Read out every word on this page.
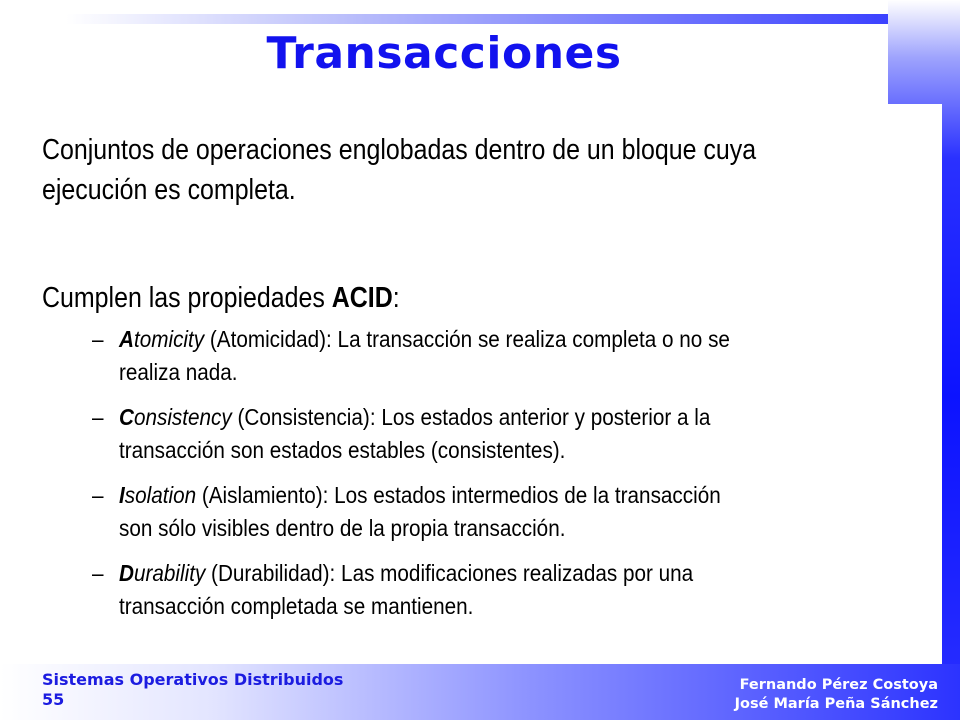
Transacciones
Conjuntos de operaciones englobadas dentro de un bloque cuya
ejecución es completa.
Cumplen las propiedades ACID:
– Atomicity (Atomicidad): La transacción se realiza completa o no se
realiza nada.
– Consistency (Consistencia): Los estados anterior y posterior a la
transacción son estados estables (consistentes).
– Isolation (Aislamiento): Los estados intermedios de la transacción
son sólo visibles dentro de la propia transacción.
– Durability (Durabilidad): Las modificaciones realizadas por una
transacción completada se mantienen.
Sistemas Operativos Distribuidos
55
Fernando Pérez Costoya
José María Peña Sánchez
